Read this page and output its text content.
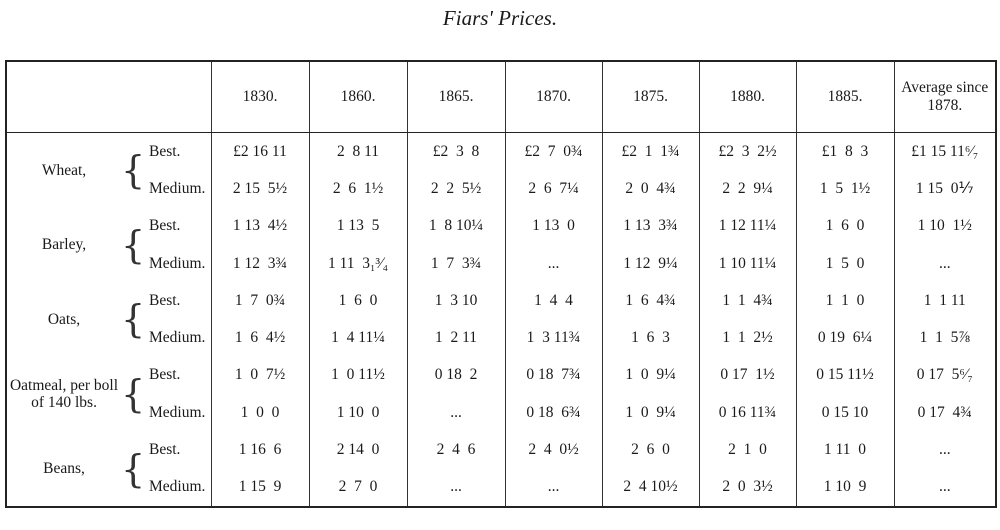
Fiars' Prices.
			1830.	1860.	1865.	1870.	1875.	1880.	1885.	Average since 1878.
Wheat,	{	Best.	£2 16 11	2  8 11	£2  3  8	£2  7  0¾	£2  1  1¾	£2  3  2½	£1  8  3	£1 15 11⁶⁄₇
		Medium.	2 15  5½	2  6  1½	2  2  5½	2  6  7¼	2  0  4¾	2  2  9¼	1  5  1½	1 15  0⅐
Barley,	{	Best.	1 13  4½	1 13  5	1  8 10¼	1 13  0	1 13  3¾	1 12 11¼	1  6  0	1 10  1½
		Medium.	1 12  3¾	1 11  3₁³⁄₄	1  7  3¾	...	1 12  9¼	1 10 11¼	1  5  0	...
Oats,	{	Best.	1  7  0¾	1  6  0	1  3 10	1  4  4	1  6  4¾	1  1  4¾	1  1  0	1  1 11
		Medium.	1  6  4½	1  4 11¼	1  2 11	1  3 11¾	1  6  3	1  1  2½	0 19  6¼	1  1  5⅞
Oatmeal, per boll of 140 lbs.	{	Best.	1  0  7½	1  0 11½	0 18  2	0 18  7¾	1  0  9¼	0 17  1½	0 15 11½	0 17  5⁶⁄₇
		Medium.	1  0  0	1 10  0	...	0 18  6¾	1  0  9¼	0 16 11¾	0 15 10	0 17  4¾
Beans,	{	Best.	1 16  6	2 14  0	2  4  6	2  4  0½	2  6  0	2  1  0	1 11  0	...
		Medium.	1 15  9	2  7  0	...	...	2  4 10½	2  0  3½	1 10  9	...
